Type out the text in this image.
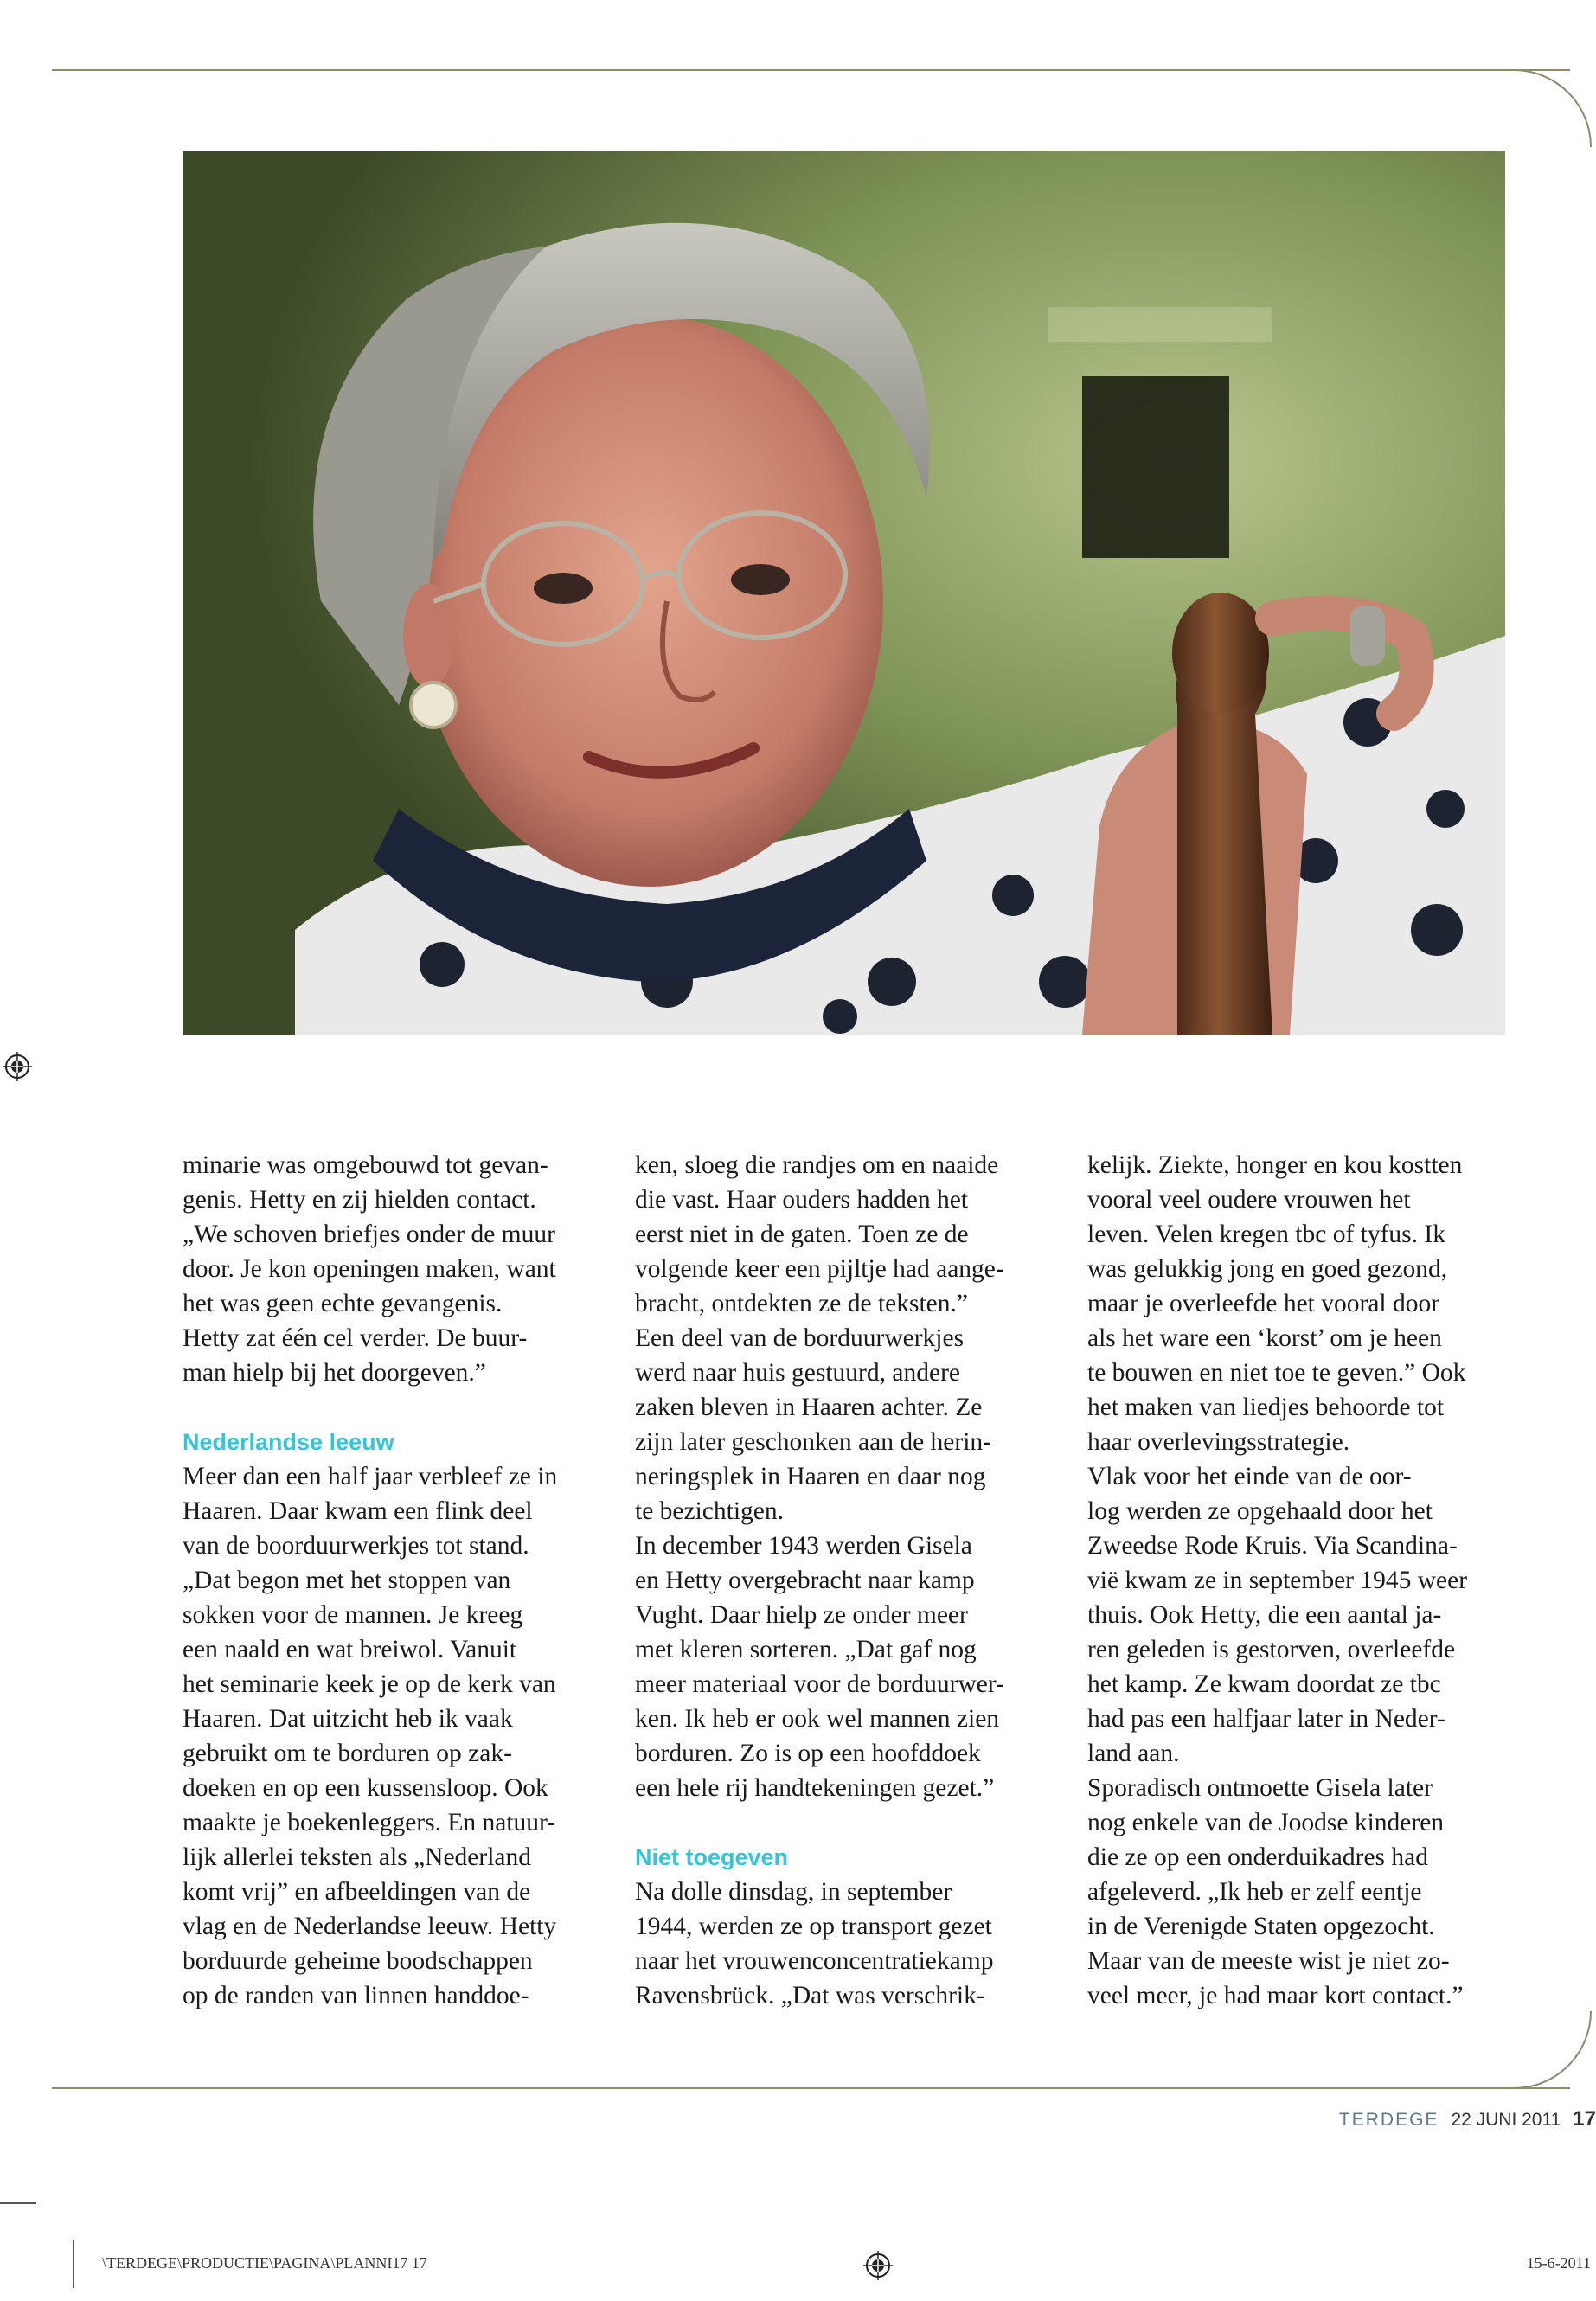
minarie was omgebouwd tot gevan-

genis. Hetty en zij hielden contact.

„We schoven briefjes onder de muur

door. Je kon openingen maken, want

het was geen echte gevangenis.

Hetty zat één cel verder. De buur-

man hielp bij het doorgeven.”

Nederlandse leeuw

Meer dan een half jaar verbleef ze in

Haaren. Daar kwam een flink deel

van de boorduurwerkjes tot stand.

„Dat begon met het stoppen van

sokken voor de mannen. Je kreeg

een naald en wat breiwol. Vanuit

het seminarie keek je op de kerk van

Haaren. Dat uitzicht heb ik vaak

gebruikt om te borduren op zak-

doeken en op een kussensloop. Ook

maakte je boekenleggers. En natuur-

lijk allerlei teksten als „Nederland

komt vrij” en afbeeldingen van de

vlag en de Nederlandse leeuw. Hetty

borduurde geheime boodschappen

op de randen van linnen handdoe-

ken, sloeg die randjes om en naaide

die vast. Haar ouders hadden het

eerst niet in de gaten. Toen ze de

volgende keer een pijltje had aange-

bracht, ontdekten ze de teksten.”

Een deel van de borduurwerkjes

werd naar huis gestuurd, andere

zaken bleven in Haaren achter. Ze

zijn later geschonken aan de herin-

neringsplek in Haaren en daar nog

te bezichtigen.

In december 1943 werden Gisela

en Hetty overgebracht naar kamp

Vught. Daar hielp ze onder meer

met kleren sorteren. „Dat gaf nog

meer materiaal voor de borduurwer-

ken. Ik heb er ook wel mannen zien

borduren. Zo is op een hoofddoek

een hele rij handtekeningen gezet.”

Niet toegeven

Na dolle dinsdag, in september

1944, werden ze op transport gezet

naar het vrouwenconcentratiekamp

Ravensbrück. „Dat was verschrik-

kelijk. Ziekte, honger en kou kostten

vooral veel oudere vrouwen het

leven. Velen kregen tbc of tyfus. Ik

was gelukkig jong en goed gezond,

maar je overleefde het vooral door

als het ware een ‘korst’ om je heen

te bouwen en niet toe te geven.” Ook

het maken van liedjes behoorde tot

haar overlevingsstrategie.

Vlak voor het einde van de oor-

log werden ze opgehaald door het

Zweedse Rode Kruis. Via Scandina-

vië kwam ze in september 1945 weer

thuis. Ook Hetty, die een aantal ja-

ren geleden is gestorven, overleefde

het kamp. Ze kwam doordat ze tbc

had pas een halfjaar later in Neder-

land aan.

Sporadisch ontmoette Gisela later

nog enkele van de Joodse kinderen

die ze op een onderduikadres had

afgeleverd. „Ik heb er zelf eentje

in de Verenigde Staten opgezocht.

Maar van de meeste wist je niet zo-

veel meer, je had maar kort contact.”

TERDEGE 22 JUNI 2011 17
\TERDEGE\PRODUCTIE\PAGINA\PLANNI17 17	15-6-2011
